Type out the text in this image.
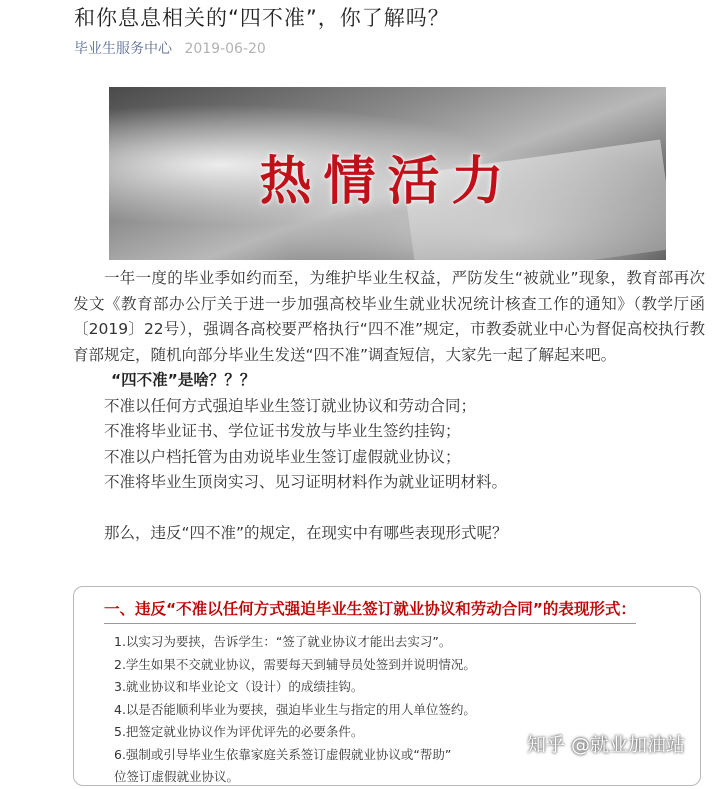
和你息息相关的“四不准”，你了解吗？
毕业生服务中心 2019-06-20
热情活力

一年一度的毕业季如约而至，为维护毕业生权益，严防发生“被就业”现象，教育部再次发文《教育部办公厅关于进一步加强高校毕业生就业状况统计核查工作的通知》（教学厅函〔2019〕22号），强调各高校要严格执行“四不准”规定，市教委就业中心为督促高校执行教育部规定，随机向部分毕业生发送“四不准”调查短信，大家先一起了解起来吧。

“四不准”是啥？？？

不准以任何方式强迫毕业生签订就业协议和劳动合同；

不准将毕业证书、学位证书发放与毕业生签约挂钩；

不准以户档托管为由劝说毕业生签订虚假就业协议；

不准将毕业生顶岗实习、见习证明材料作为就业证明材料。

那么，违反“四不准”的规定，在现实中有哪些表现形式呢？

一、违反“不准以任何方式强迫毕业生签订就业协议和劳动合同”的表现形式：
1.以实习为要挟，告诉学生：“签了就业协议才能出去实习”。
2.学生如果不交就业协议，需要每天到辅导员处签到并说明情况。
3.就业协议和毕业论文（设计）的成绩挂钩。
4.以是否能顺利毕业为要挟，强迫毕业生与指定的用人单位签约。
5.把签定就业协议作为评优评先的必要条件。
6.强制或引导毕业生依靠家庭关系签订虚假就业协议或“帮助”
位签订虚假就业协议。
知乎 @就业加油站
